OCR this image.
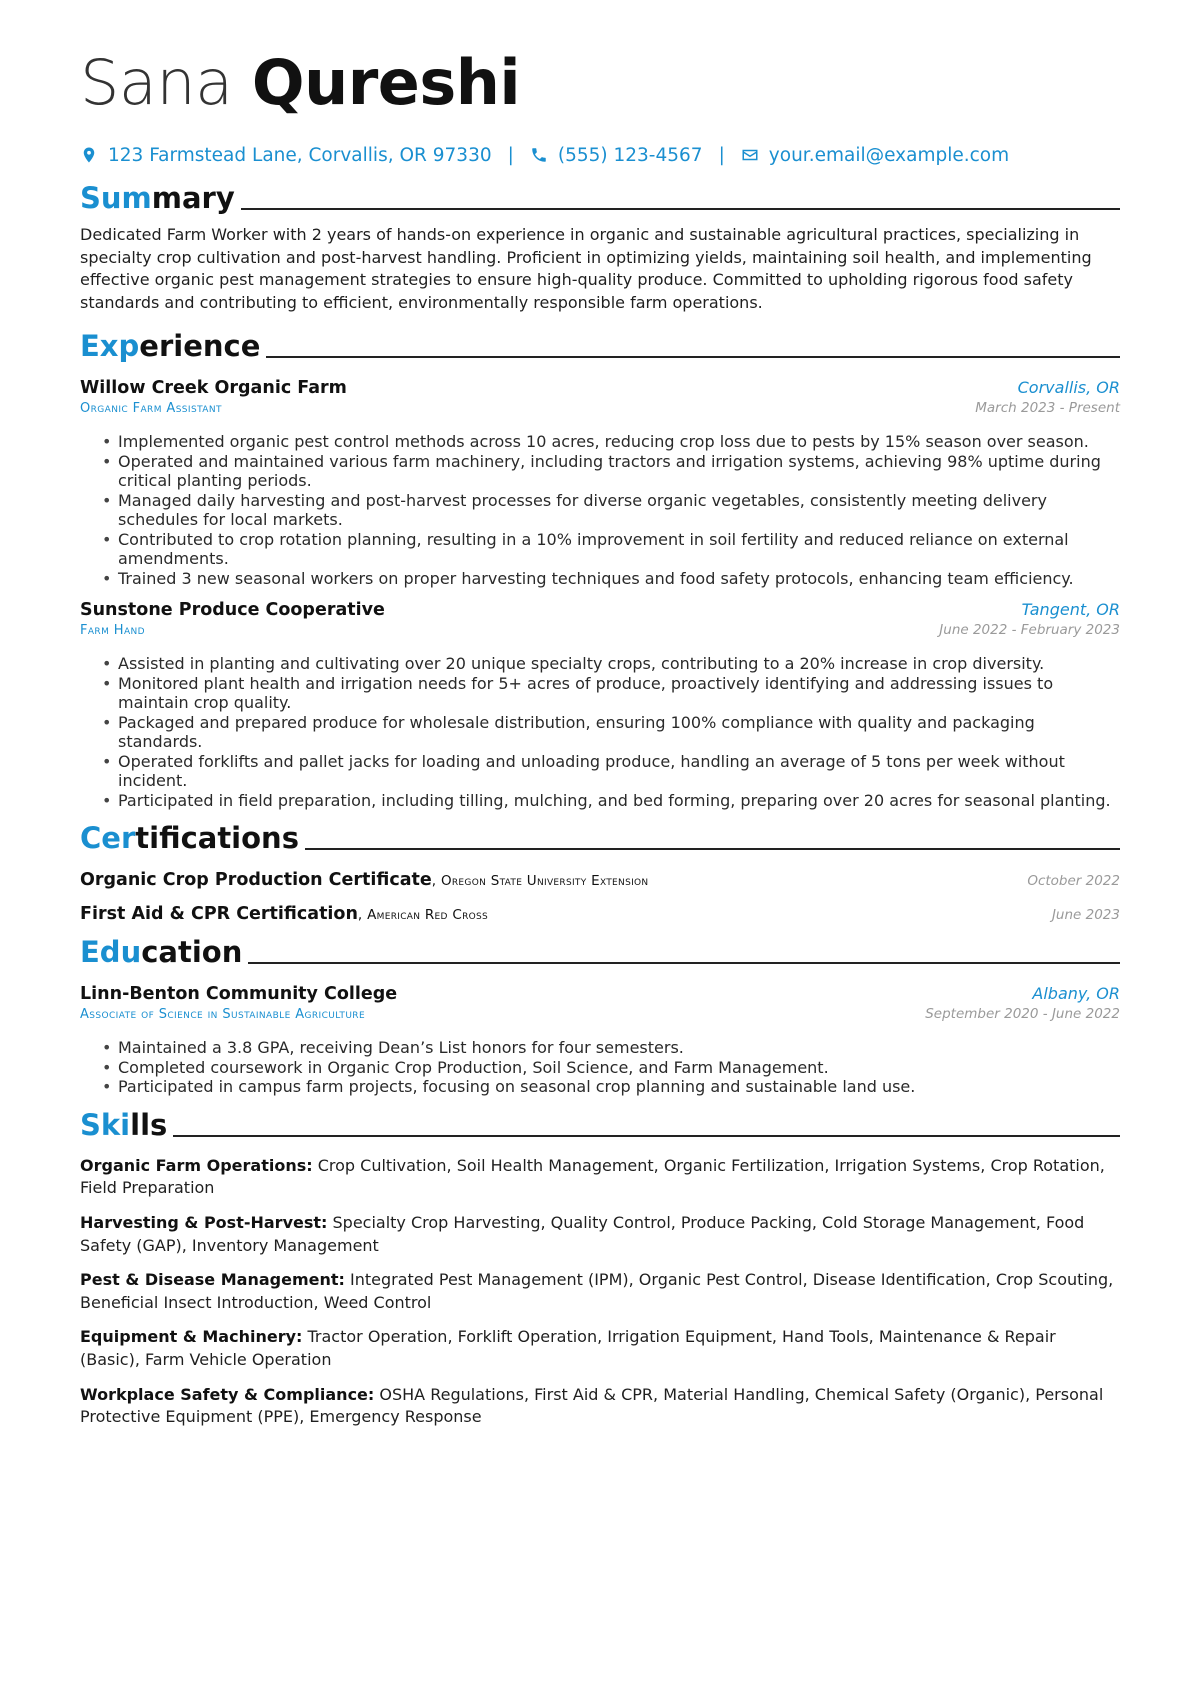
Sana Qureshi
123 Farmstead Lane, Corvallis, OR 97330 | (555) 123-4567 | your.email@example.com
Summary
Dedicated Farm Worker with 2 years of hands-on experience in organic and sustainable agricultural practices, specializing in specialty crop cultivation and post-harvest handling. Proficient in optimizing yields, maintaining soil health, and implementing effective organic pest management strategies to ensure high-quality produce. Committed to upholding rigorous food safety standards and contributing to efficient, environmentally responsible farm operations.
Experience
Willow Creek Organic Farm	Corvallis, OR
Organic Farm Assistant	March 2023 - Present
• Implemented organic pest control methods across 10 acres, reducing crop loss due to pests by 15% season over season.
• Operated and maintained various farm machinery, including tractors and irrigation systems, achieving 98% uptime during critical planting periods.
• Managed daily harvesting and post-harvest processes for diverse organic vegetables, consistently meeting delivery schedules for local markets.
• Contributed to crop rotation planning, resulting in a 10% improvement in soil fertility and reduced reliance on external amendments.
• Trained 3 new seasonal workers on proper harvesting techniques and food safety protocols, enhancing team efficiency.
Sunstone Produce Cooperative	Tangent, OR
Farm Hand	June 2022 - February 2023
• Assisted in planting and cultivating over 20 unique specialty crops, contributing to a 20% increase in crop diversity.
• Monitored plant health and irrigation needs for 5+ acres of produce, proactively identifying and addressing issues to maintain crop quality.
• Packaged and prepared produce for wholesale distribution, ensuring 100% compliance with quality and packaging standards.
• Operated forklifts and pallet jacks for loading and unloading produce, handling an average of 5 tons per week without incident.
• Participated in field preparation, including tilling, mulching, and bed forming, preparing over 20 acres for seasonal planting.
Certifications
Organic Crop Production Certificate, Oregon State University Extension	October 2022
First Aid & CPR Certification, American Red Cross	June 2023
Education
Linn-Benton Community College	Albany, OR
Associate of Science in Sustainable Agriculture	September 2020 - June 2022
• Maintained a 3.8 GPA, receiving Dean’s List honors for four semesters.
• Completed coursework in Organic Crop Production, Soil Science, and Farm Management.
• Participated in campus farm projects, focusing on seasonal crop planning and sustainable land use.
Skills
Organic Farm Operations: Crop Cultivation, Soil Health Management, Organic Fertilization, Irrigation Systems, Crop Rotation, Field Preparation
Harvesting & Post-Harvest: Specialty Crop Harvesting, Quality Control, Produce Packing, Cold Storage Management, Food Safety (GAP), Inventory Management
Pest & Disease Management: Integrated Pest Management (IPM), Organic Pest Control, Disease Identification, Crop Scouting, Beneficial Insect Introduction, Weed Control
Equipment & Machinery: Tractor Operation, Forklift Operation, Irrigation Equipment, Hand Tools, Maintenance & Repair (Basic), Farm Vehicle Operation
Workplace Safety & Compliance: OSHA Regulations, First Aid & CPR, Material Handling, Chemical Safety (Organic), Personal Protective Equipment (PPE), Emergency Response
